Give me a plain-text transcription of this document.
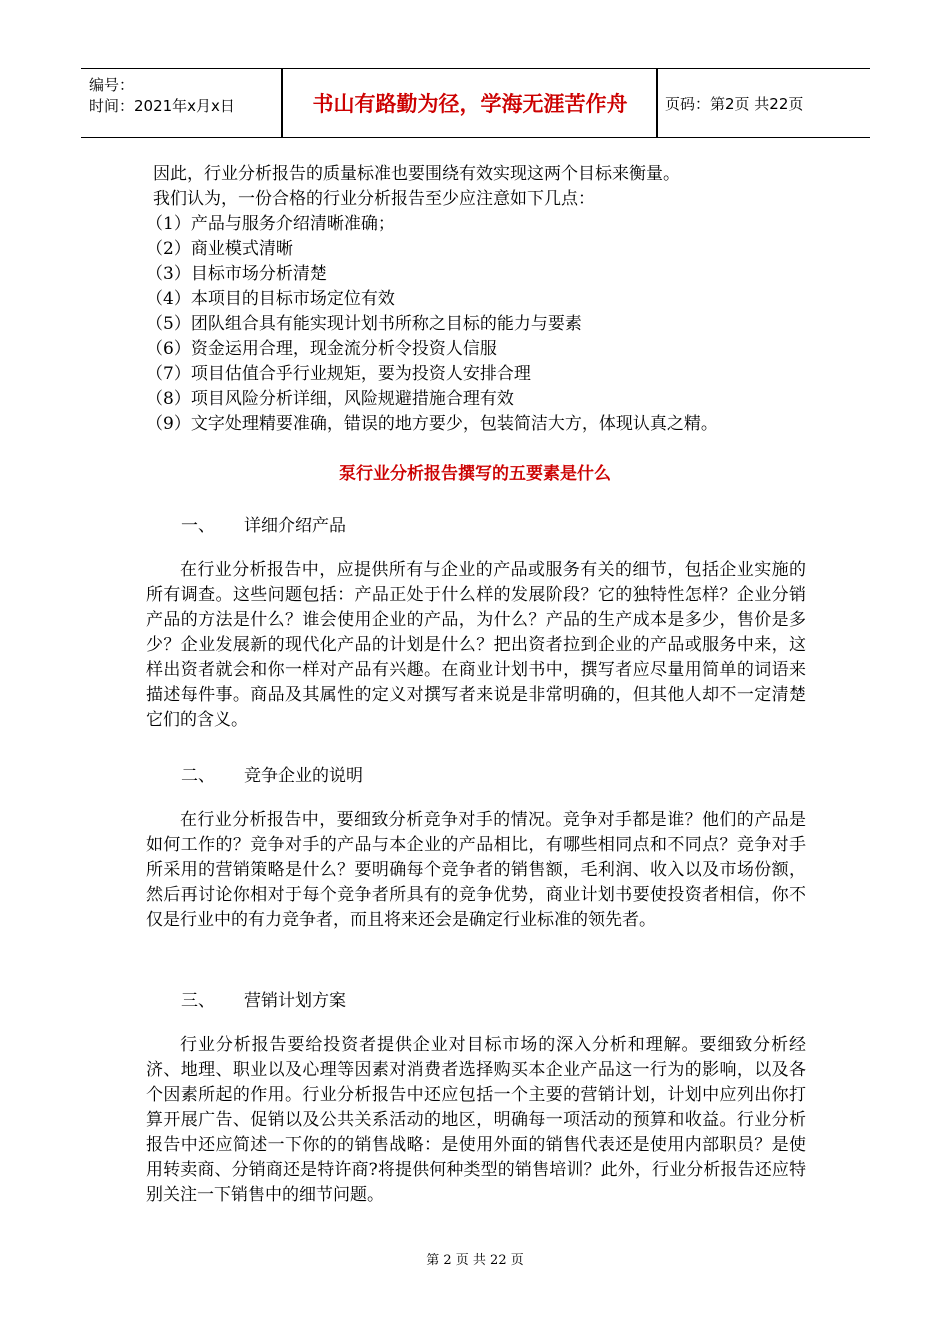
编号：
时间：2021年x月x日	书山有路勤为径，学海无涯苦作舟	页码：第2页 共22页
因此，行业分析报告的质量标准也要围绕有效实现这两个目标来衡量。
我们认为，一份合格的行业分析报告至少应注意如下几点：
（1）产品与服务介绍清晰准确；
（2）商业模式清晰
（3）目标市场分析清楚
（4）本项目的目标市场定位有效
（5）团队组合具有能实现计划书所称之目标的能力与要素
（6）资金运用合理，现金流分析令投资人信服
（7）项目估值合乎行业规矩，要为投资人安排合理
（8）项目风险分析详细，风险规避措施合理有效
（9）文字处理精要准确，错误的地方要少，包装简洁大方，体现认真之精。
泵行业分析报告撰写的五要素是什么
一、 详细介绍产品
在行业分析报告中，应提供所有与企业的产品或服务有关的细节，包括企业实施的所有调查。这些问题包括：产品正处于什么样的发展阶段？它的独特性怎样？企业分销产品的方法是什么？谁会使用企业的产品，为什么？产品的生产成本是多少，售价是多少？企业发展新的现代化产品的计划是什么？把出资者拉到企业的产品或服务中来，这样出资者就会和你一样对产品有兴趣。在商业计划书中，撰写者应尽量用简单的词语来描述每件事。商品及其属性的定义对撰写者来说是非常明确的，但其他人却不一定清楚它们的含义。
二、 竞争企业的说明
在行业分析报告中，要细致分析竞争对手的情况。竞争对手都是谁？他们的产品是如何工作的？竞争对手的产品与本企业的产品相比，有哪些相同点和不同点？竞争对手所采用的营销策略是什么？要明确每个竞争者的销售额，毛利润、收入以及市场份额，然后再讨论你相对于每个竞争者所具有的竞争优势，商业计划书要使投资者相信，你不仅是行业中的有力竞争者，而且将来还会是确定行业标准的领先者。
三、 营销计划方案
行业分析报告要给投资者提供企业对目标市场的深入分析和理解。要细致分析经济、地理、职业以及心理等因素对消费者选择购买本企业产品这一行为的影响，以及各个因素所起的作用。行业分析报告中还应包括一个主要的营销计划，计划中应列出你打算开展广告、促销以及公共关系活动的地区，明确每一项活动的预算和收益。行业分析报告中还应简述一下你的的销售战略：是使用外面的销售代表还是使用内部职员？是使用转卖商、分销商还是特许商?将提供何种类型的销售培训？此外，行业分析报告还应特别关注一下销售中的细节问题。
第 2 页 共 22 页
